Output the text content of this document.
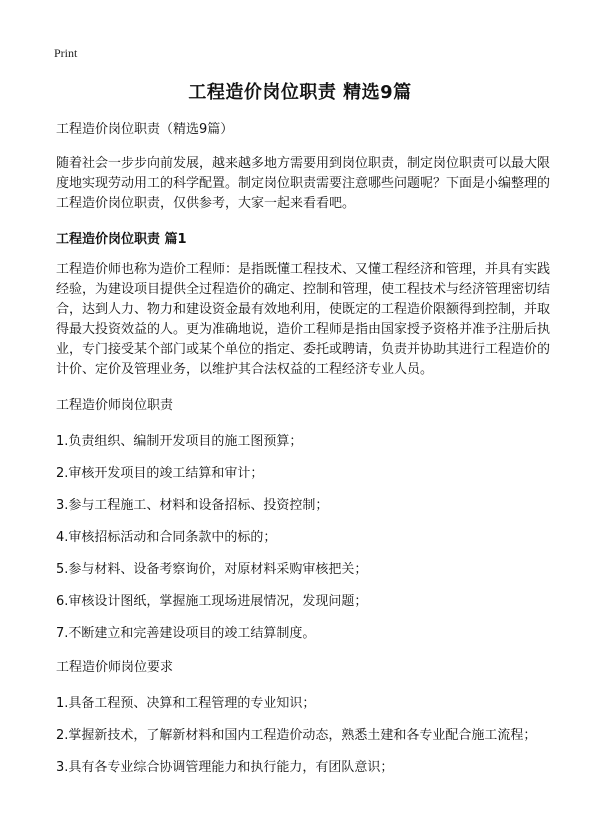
Print
工程造价岗位职责 精选9篇

工程造价岗位职责（精选9篇）

随着社会一步步向前发展，越来越多地方需要用到岗位职责，制定岗位职责可以最大限度地实现劳动用工的科学配置。制定岗位职责需要注意哪些问题呢？下面是小编整理的工程造价岗位职责，仅供参考，大家一起来看看吧。

工程造价岗位职责 篇1

工程造价师也称为造价工程师：是指既懂工程技术、又懂工程经济和管理，并具有实践经验，为建设项目提供全过程造价的确定、控制和管理，使工程技术与经济管理密切结合，达到人力、物力和建设资金最有效地利用，使既定的工程造价限额得到控制，并取得最大投资效益的人。更为准确地说，造价工程师是指由国家授予资格并准予注册后执业，专门接受某个部门或某个单位的指定、委托或聘请，负责并协助其进行工程造价的计价、定价及管理业务，以维护其合法权益的工程经济专业人员。

工程造价师岗位职责

1.负责组织、编制开发项目的施工图预算；

2.审核开发项目的竣工结算和审计；

3.参与工程施工、材料和设备招标、投资控制；

4.审核招标活动和合同条款中的标的；

5.参与材料、设备考察询价，对原材料采购审核把关；

6.审核设计图纸，掌握施工现场进展情况，发现问题；

7.不断建立和完善建设项目的竣工结算制度。

工程造价师岗位要求

1.具备工程预、决算和工程管理的专业知识；

2.掌握新技术，了解新材料和国内工程造价动态，熟悉土建和各专业配合施工流程；

3.具有各专业综合协调管理能力和执行能力，有团队意识；
